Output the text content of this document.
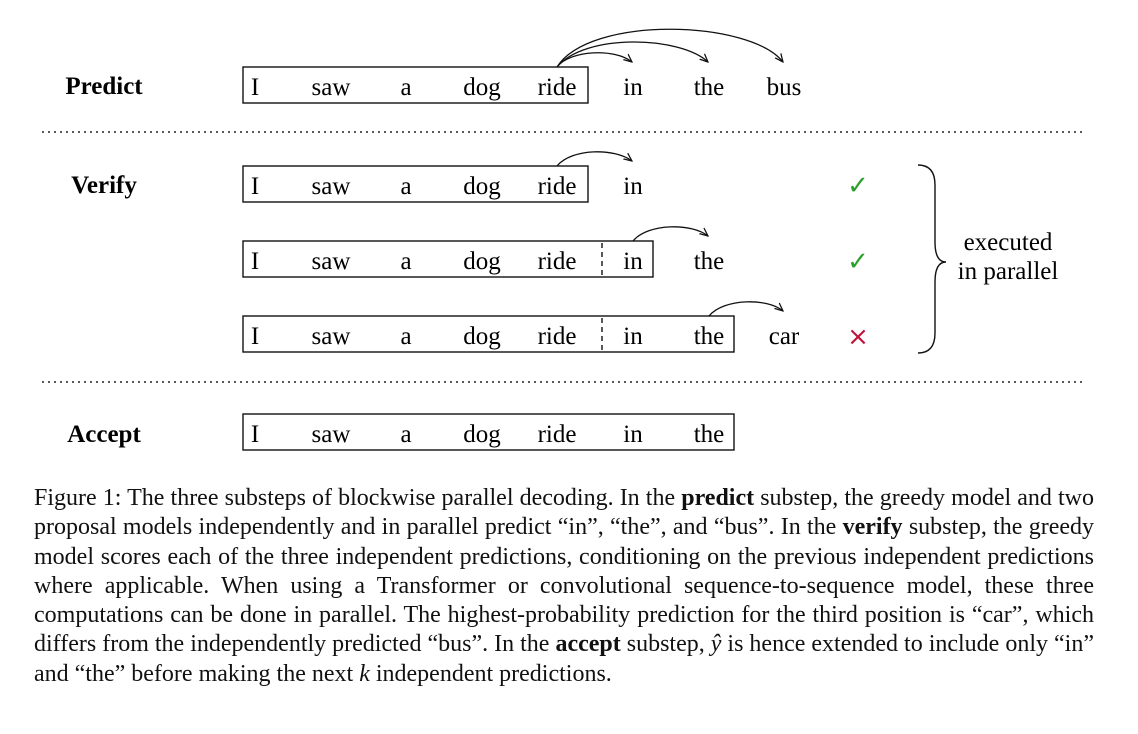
Predict
Verify
Accept
I saw a dog ride in the bus
I saw a dog ride in	✓
I saw a dog ride in the	✓
I saw a dog ride in the car ×
executed
in parallel
I saw a dog ride in the

Figure 1: The three substeps of blockwise parallel decoding. In the predict substep, the greedy model and two proposal models independently and in parallel predict “in”, “the”, and “bus”. In the verify substep, the greedy model scores each of the three independent predictions, conditioning on the previous independent predictions where applicable. When using a Transformer or convolutional sequence-to-sequence model, these three computations can be done in parallel. The highest-probability prediction for the third position is “car”, which differs from the independently predicted “bus”. In the accept substep, ŷ is hence extended to include only “in” and “the” before making the next k independent predictions.
